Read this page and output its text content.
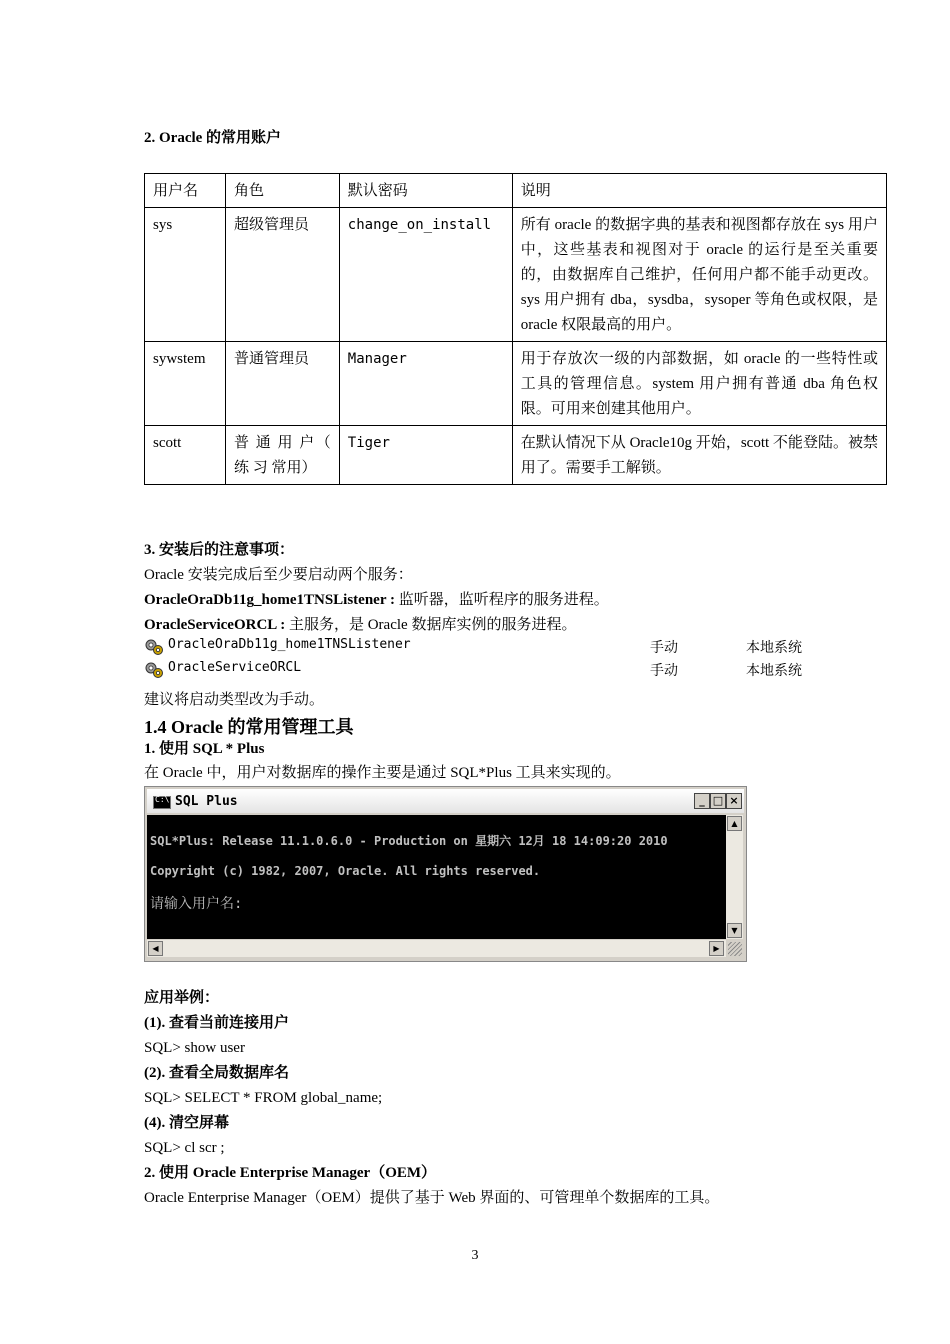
2. Oracle 的常用账户
用户名	角色	默认密码	说明
sys	超级管理员	change_on_install	所有 oracle 的数据字典的基表和视图都存放在 sys 用户中，这些基表和视图对于 oracle 的运行是至关重要的，由数据库自己维护，任何用户都不能手动更改。sys 用户拥有 dba，sysdba，sysoper 等角色或权限，是 oracle 权限最高的用户。
sywstem	普通管理员	Manager	用于存放次一级的内部数据，如 oracle 的一些特性或工具的管理信息。system 用户拥有普通 dba 角色权限。可用来创建其他用户。
scott	普 通 用 户（ 练 习 常用）	Tiger	在默认情况下从 Oracle10g 开始，scott 不能登陆。被禁用了。需要手工解锁。
3. 安装后的注意事项：
Oracle 安装完成后至少要启动两个服务：
OracleOraDb11g_home1TNSListener : 监听器，监听程序的服务进程。
OracleServiceORCL : 主服务，是 Oracle 数据库实例的服务进程。
OracleOraDb11g_home1TNSListener	手动	本地系统
OracleServiceORCL	手动	本地系统
建议将启动类型改为手动。
1.4 Oracle 的常用管理工具
1. 使用 SQL * Plus
在 Oracle 中，用户对数据库的操作主要是通过 SQL*Plus 工具来实现的。
C:\ SQL Plus	_ □ ×
SQL*Plus: Release 11.1.0.6.0 - Production on 星期六 12月 18 14:09:20 2010
Copyright (c) 1982, 2007, Oracle. All rights reserved.
请输入用户名:
▲
▼
◀	▶
应用举例：
(1). 查看当前连接用户
SQL> show user
(2). 查看全局数据库名
SQL> SELECT * FROM global_name;
(4). 清空屏幕
SQL> cl scr ;
2. 使用 Oracle Enterprise Manager（OEM）
Oracle Enterprise Manager（OEM）提供了基于 Web 界面的、可管理单个数据库的工具。
3
